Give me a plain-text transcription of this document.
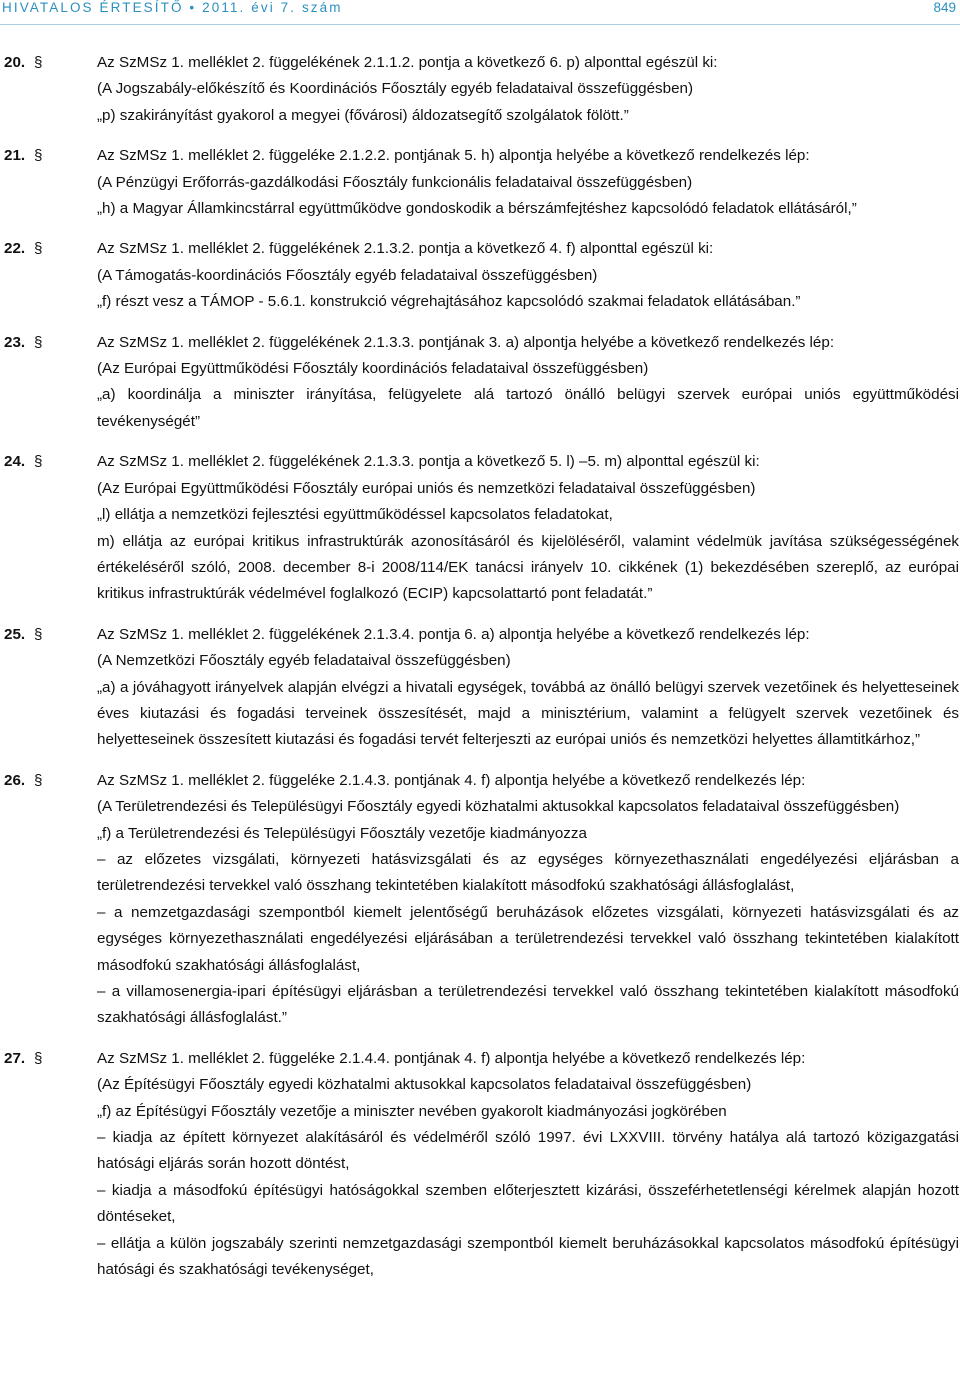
HIVATALOS ÉRTESÍTŐ • 2011. évi 7. szám	849
20. §	Az SzMSz 1. melléklet 2. függelékének 2.1.1.2. pontja a következő 6. p) alponttal egészül ki:
(A Jogszabály-előkészítő és Koordinációs Főosztály egyéb feladataival összefüggésben)
„p) szakirányítást gyakorol a megyei (fővárosi) áldozatsegítő szolgálatok fölött.”
21. §	Az SzMSz 1. melléklet 2. függeléke 2.1.2.2. pontjának 5. h) alpontja helyébe a következő rendelkezés lép:
(A Pénzügyi Erőforrás-gazdálkodási Főosztály funkcionális feladataival összefüggésben)
„h) a Magyar Államkincstárral együttműködve gondoskodik a bérszámfejtéshez kapcsolódó feladatok ellátásáról,”
22. §	Az SzMSz 1. melléklet 2. függelékének 2.1.3.2. pontja a következő 4. f) alponttal egészül ki:
(A Támogatás-koordinációs Főosztály egyéb feladataival összefüggésben)
„f) részt vesz a TÁMOP - 5.6.1. konstrukció végrehajtásához kapcsolódó szakmai feladatok ellátásában.”
23. §	Az SzMSz 1. melléklet 2. függelékének 2.1.3.3. pontjának 3. a) alpontja helyébe a következő rendelkezés lép:
(Az Európai Együttműködési Főosztály koordinációs feladataival összefüggésben)
„a) koordinálja a miniszter irányítása, felügyelete alá tartozó önálló belügyi szervek európai uniós együttműködési tevékenységét”
24. §	Az SzMSz 1. melléklet 2. függelékének 2.1.3.3. pontja a következő 5. l) –5. m) alponttal egészül ki:
(Az Európai Együttműködési Főosztály európai uniós és nemzetközi feladataival összefüggésben)
„l) ellátja a nemzetközi fejlesztési együttműködéssel kapcsolatos feladatokat,
m) ellátja az európai kritikus infrastruktúrák azonosításáról és kijelöléséről, valamint védelmük javítása szükségességének értékeléséről szóló, 2008. december 8-i 2008/114/EK tanácsi irányelv 10. cikkének (1) bekezdésében szereplő, az európai kritikus infrastruktúrák védelmével foglalkozó (ECIP) kapcsolattartó pont feladatát.”
25. §	Az SzMSz 1. melléklet 2. függelékének 2.1.3.4. pontja 6. a) alpontja helyébe a következő rendelkezés lép:
(A Nemzetközi Főosztály egyéb feladataival összefüggésben)
„a) a jóváhagyott irányelvek alapján elvégzi a hivatali egységek, továbbá az önálló belügyi szervek vezetőinek és helyetteseinek éves kiutazási és fogadási terveinek összesítését, majd a minisztérium, valamint a felügyelt szervek vezetőinek és helyetteseinek összesített kiutazási és fogadási tervét felterjeszti az európai uniós és nemzetközi helyettes államtitkárhoz,”
26. §	Az SzMSz 1. melléklet 2. függeléke 2.1.4.3. pontjának 4. f) alpontja helyébe a következő rendelkezés lép:
(A Területrendezési és Településügyi Főosztály egyedi közhatalmi aktusokkal kapcsolatos feladataival összefüggésben)
„f) a Területrendezési és Településügyi Főosztály vezetője kiadmányozza
– az előzetes vizsgálati, környezeti hatásvizsgálati és az egységes környezethasználati engedélyezési eljárásban a területrendezési tervekkel való összhang tekintetében kialakított másodfokú szakhatósági állásfoglalást,
– a nemzetgazdasági szempontból kiemelt jelentőségű beruházások előzetes vizsgálati, környezeti hatásvizsgálati és az egységes környezethasználati engedélyezési eljárásában a területrendezési tervekkel való összhang tekintetében kialakított másodfokú szakhatósági állásfoglalást,
– a villamosenergia-ipari építésügyi eljárásban a területrendezési tervekkel való összhang tekintetében kialakított másodfokú szakhatósági állásfoglalást.”
27. §	Az SzMSz 1. melléklet 2. függeléke 2.1.4.4. pontjának 4. f) alpontja helyébe a következő rendelkezés lép:
(Az Építésügyi Főosztály egyedi közhatalmi aktusokkal kapcsolatos feladataival összefüggésben)
„f) az Építésügyi Főosztály vezetője a miniszter nevében gyakorolt kiadmányozási jogkörében
– kiadja az épített környezet alakításáról és védelméről szóló 1997. évi LXXVIII. törvény hatálya alá tartozó közigazgatási hatósági eljárás során hozott döntést,
– kiadja a másodfokú építésügyi hatóságokkal szemben előterjesztett kizárási, összeférhetetlenségi kérelmek alapján hozott döntéseket,
– ellátja a külön jogszabály szerinti nemzetgazdasági szempontból kiemelt beruházásokkal kapcsolatos másodfokú építésügyi hatósági és szakhatósági tevékenységet,
